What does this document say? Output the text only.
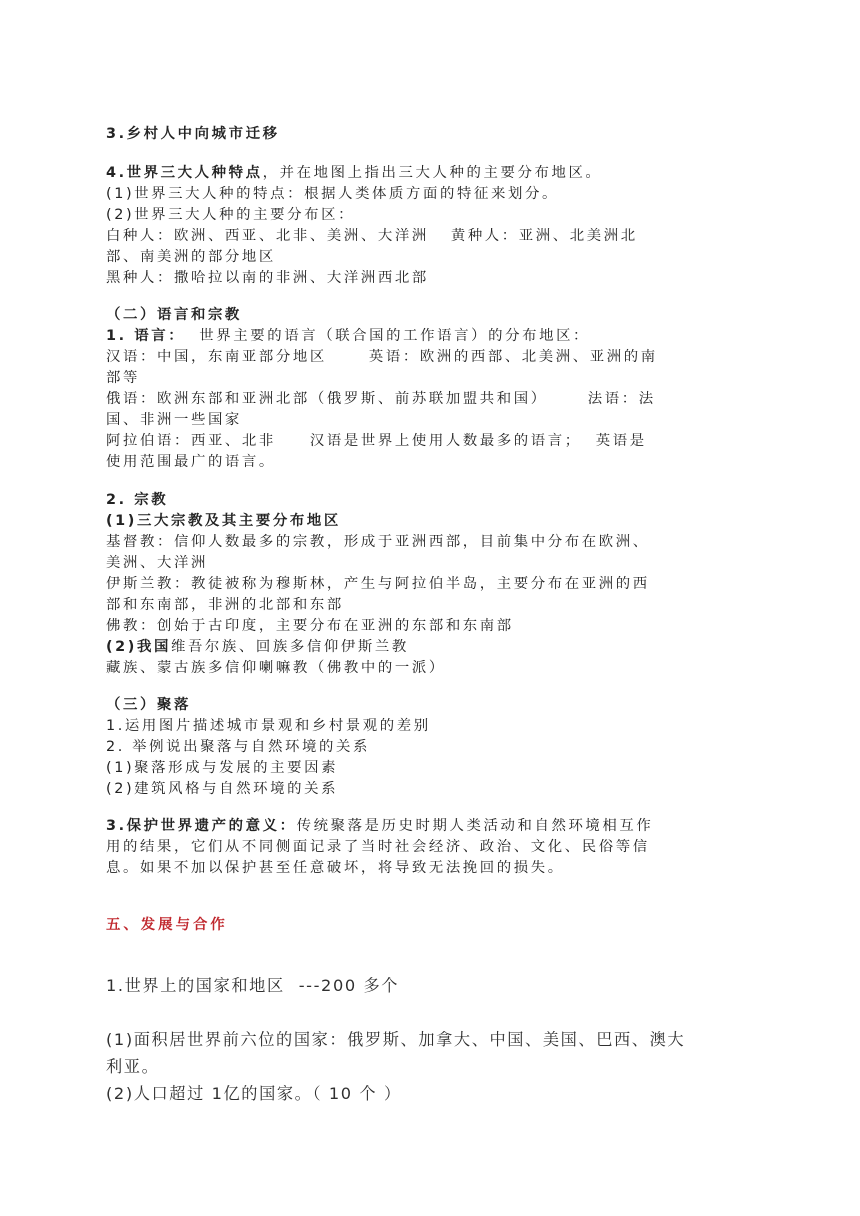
3.乡村人中向城市迁移
4.世界三大人种特点，并在地图上指出三大人种的主要分布地区。
(1)世界三大人种的特点：根据人类体质方面的特征来划分。
(2)世界三大人种的主要分布区：
白种人：欧洲、西亚、北非、美洲、大洋洲 黄种人：亚洲、北美洲北
部、南美洲的部分地区
黑种人：撒哈拉以南的非洲、大洋洲西北部
（二）语言和宗教
1. 语言： 世界主要的语言（联合国的工作语言）的分布地区：
汉语：中国，东南亚部分地区	英语：欧洲的西部、北美洲、亚洲的南
部等
俄语：欧洲东部和亚洲北部（俄罗斯、前苏联加盟共和国）	法语：法
国、非洲一些国家
阿拉伯语：西亚、北非 汉语是世界上使用人数最多的语言； 英语是
使用范围最广的语言。
2. 宗教
(1)三大宗教及其主要分布地区
基督教：信仰人数最多的宗教，形成于亚洲西部，目前集中分布在欧洲、
美洲、大洋洲
伊斯兰教：教徒被称为穆斯林，产生与阿拉伯半岛，主要分布在亚洲的西
部和东南部，非洲的北部和东部
佛教：创始于古印度，主要分布在亚洲的东部和东南部
(2)我国维吾尔族、回族多信仰伊斯兰教
藏族、蒙古族多信仰喇嘛教（佛教中的一派）
（三）聚落
1.运用图片描述城市景观和乡村景观的差别
2. 举例说出聚落与自然环境的关系
(1)聚落形成与发展的主要因素
(2)建筑风格与自然环境的关系
3.保护世界遗产的意义：传统聚落是历史时期人类活动和自然环境相互作
用的结果，它们从不同侧面记录了当时社会经济、政治、文化、民俗等信
息。如果不加以保护甚至任意破坏，将导致无法挽回的损失。
五、发展与合作
1.世界上的国家和地区 ---200 多个
(1)面积居世界前六位的国家：俄罗斯、加拿大、中国、美国、巴西、澳大
利亚。
(2)人口超过 1亿的国家。（ 10 个 ）
